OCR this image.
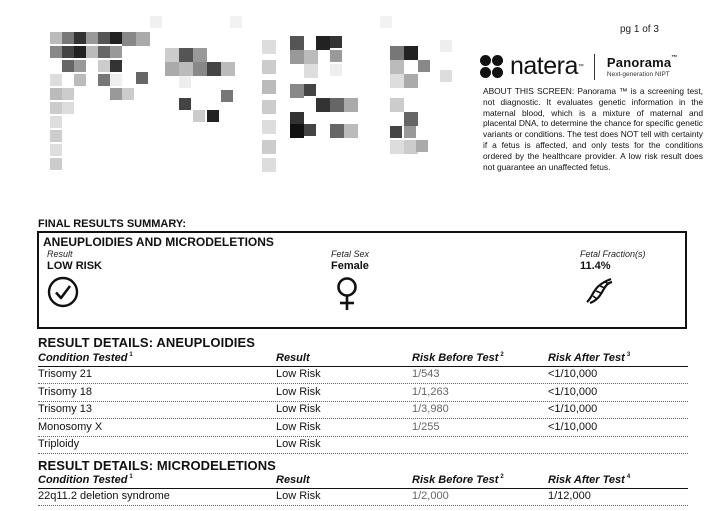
pg 1 of 3
natera ™ Panorama™
Next-generation NIPT
ABOUT THIS SCREEN: Panorama ™ is a screening test, not diagnostic. It evaluates genetic information in the maternal blood, which is a mixture of maternal and placental DNA, to determine the chance for specific genetic variants or conditions. The test does NOT tell with certainty if a fetus is affected, and only tests for the conditions ordered by the healthcare provider. A low risk result does not guarantee an unaffected fetus.
FINAL RESULTS SUMMARY:
ANEUPLOIDIES AND MICRODELETIONS
Result
LOW RISK
Fetal Sex
Female
Fetal Fraction(s)
11.4%
RESULT DETAILS: ANEUPLOIDIES
Condition Tested $^1$	Result	Risk Before Test $^2$	Risk After Test $^3$
Trisomy 21	Low Risk	1/543	<1/10,000
Trisomy 18	Low Risk	1/1,263	<1/10,000
Trisomy 13	Low Risk	1/3,980	<1/10,000
Monosomy X	Low Risk	1/255	<1/10,000
Triploidy	Low Risk
RESULT DETAILS: MICRODELETIONS
Condition Tested $^1$	Result	Risk Before Test $^2$	Risk After Test $^4$
22q11.2 deletion syndrome	Low Risk	1/2,000	1/12,000
